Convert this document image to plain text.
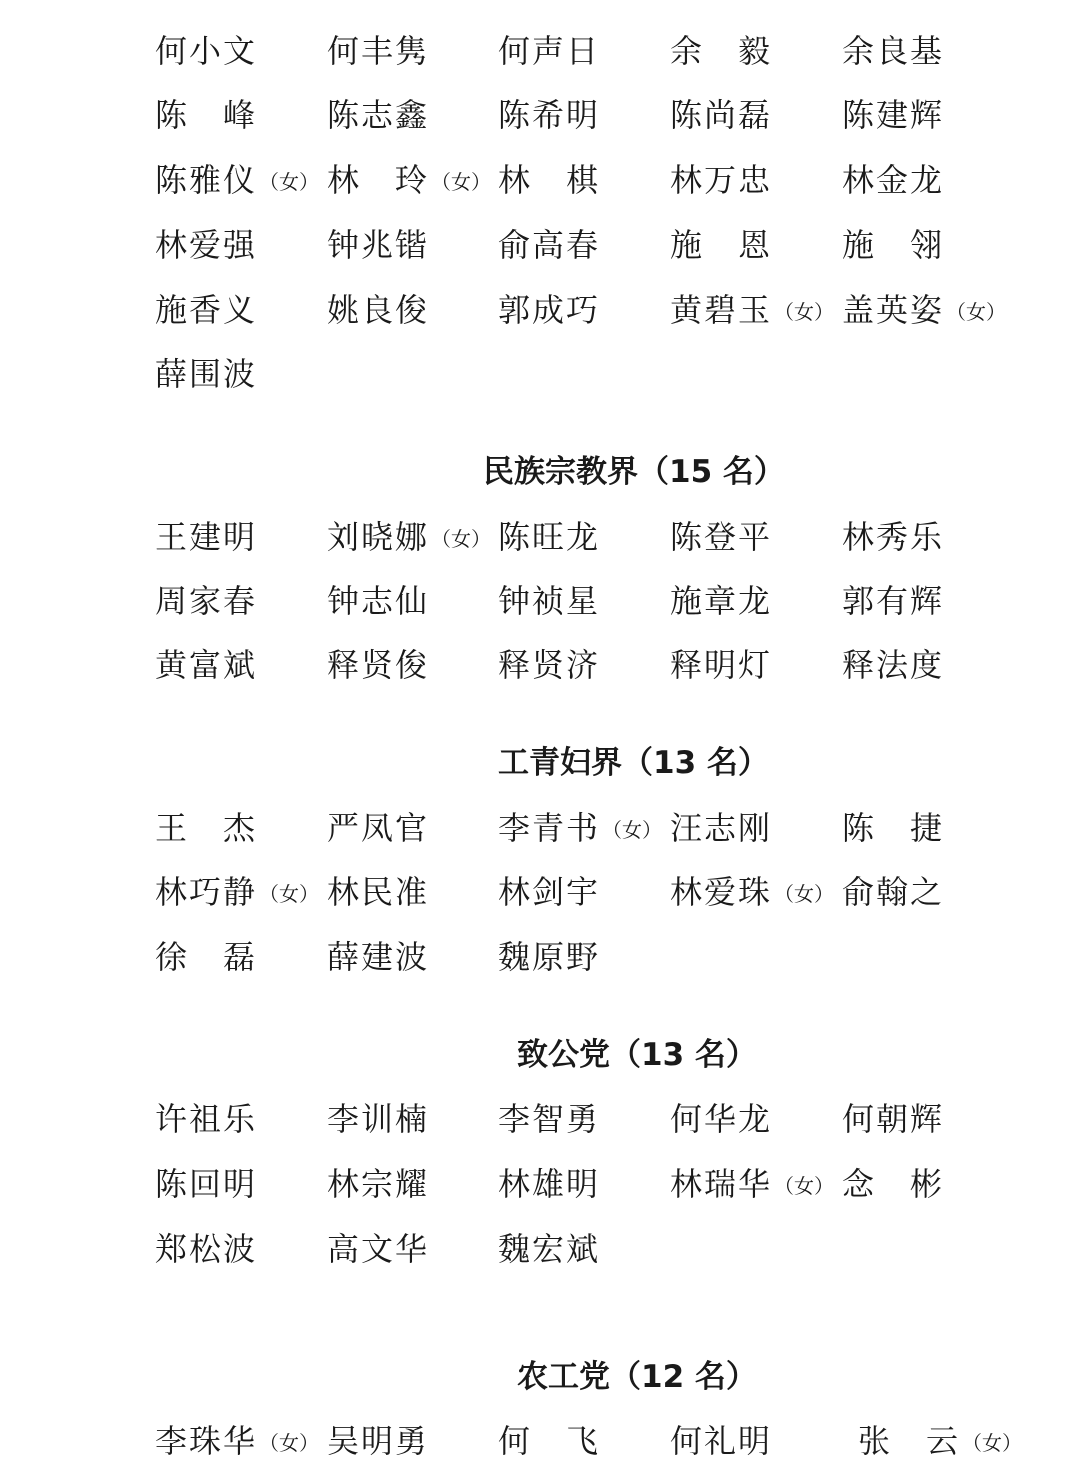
何小文 何丰隽 何声日 余　毅 余良基
陈　峰 陈志鑫 陈希明 陈尚磊 陈建辉
陈雅仪 （女） 林　玲 （女） 林　棋 林万忠 林金龙
林爱强 钟兆锴 俞高春 施　恩 施　翎
施香义 姚良俊 郭成巧 黄碧玉 （女） 盖英姿 （女）
薛围波
民族宗教界（15 名）
王建明 刘晓娜 （女） 陈旺龙 陈登平 林秀乐
周家春 钟志仙 钟祯星 施章龙 郭有辉
黄富斌 释贤俊 释贤济 释明灯 释法度
工青妇界（13 名）
王　杰 严凤官 李青书 （女） 汪志刚 陈　捷
林巧静 （女） 林民准 林剑宇 林爱珠 （女） 俞翰之
徐　磊 薛建波 魏原野
致公党（13 名）
许祖乐 李训楠 李智勇 何华龙 何朝辉
陈回明 林宗耀 林雄明 林瑞华 （女） 念　彬
郑松波 高文华 魏宏斌
农工党（12 名）
李珠华 （女） 吴明勇 何　飞 何礼明	张　云 （女）
